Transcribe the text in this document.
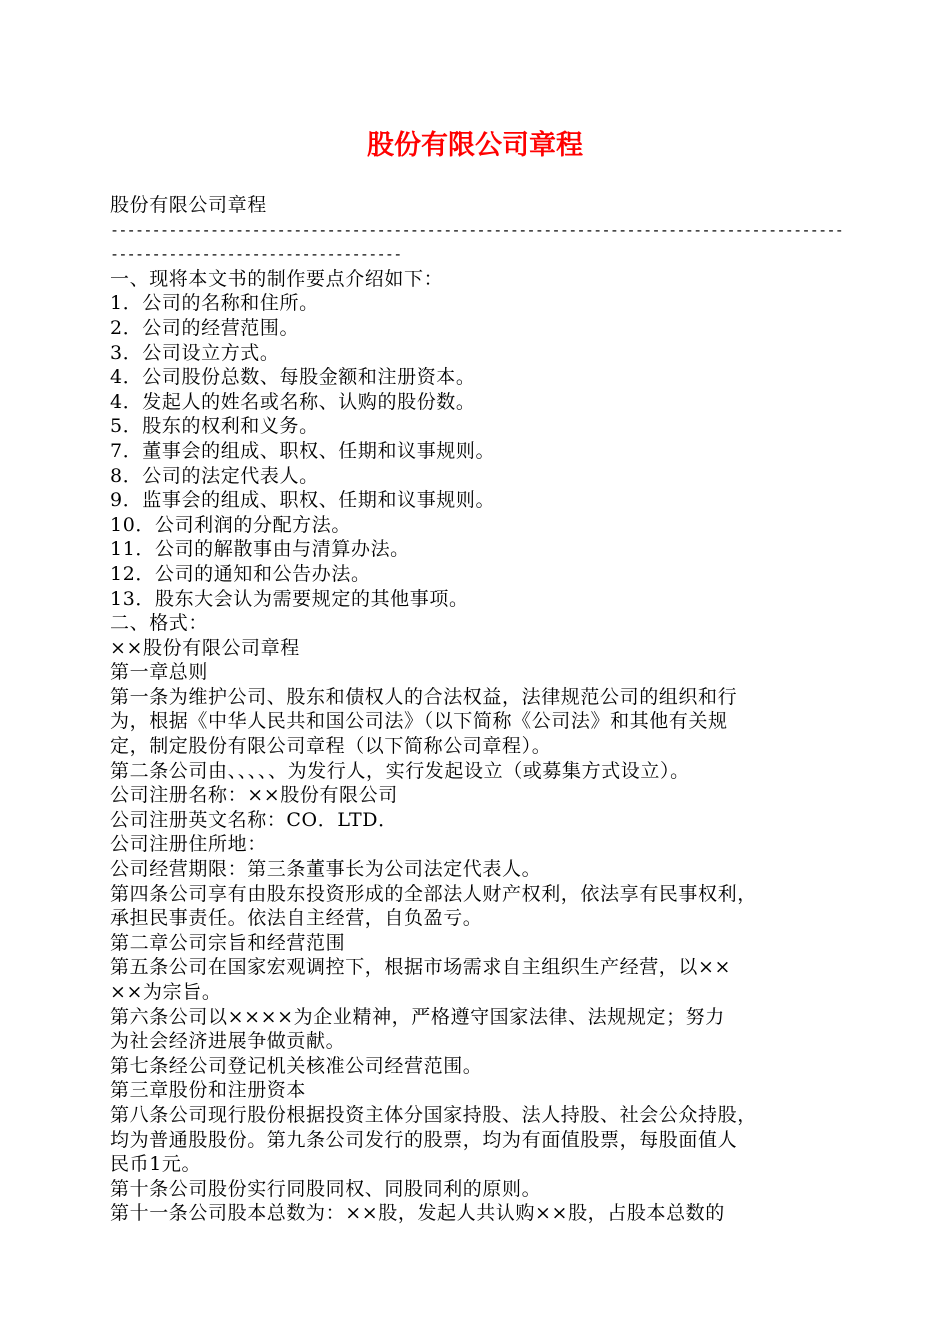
股份有限公司章程
股份有限公司章程
----------------------------------------------------------------------------------------
-----------------------------------
一、现将本文书的制作要点介绍如下：
1．公司的名称和住所。
2．公司的经营范围。
3．公司设立方式。
4．公司股份总数、每股金额和注册资本。
4．发起人的姓名或名称、认购的股份数。
5．股东的权利和义务。
7．董事会的组成、职权、任期和议事规则。
8．公司的法定代表人。
9．监事会的组成、职权、任期和议事规则。
10．公司利润的分配方法。
11．公司的解散事由与清算办法。
12．公司的通知和公告办法。
13．股东大会认为需要规定的其他事项。
二、格式：
××股份有限公司章程
第一章总则
第一条为维护公司、股东和债权人的合法权益，法律规范公司的组织和行
为，根据《中华人民共和国公司法》（以下简称《公司法》和其他有关规
定，制定股份有限公司章程（以下简称公司章程）。
第二条公司由、、、、、为发行人，实行发起设立（或募集方式设立）。
公司注册名称：××股份有限公司
公司注册英文名称：CO．LTD．
公司注册住所地：
公司经营期限：第三条董事长为公司法定代表人。
第四条公司享有由股东投资形成的全部法人财产权利，依法享有民事权利，
承担民事责任。依法自主经营，自负盈亏。
第二章公司宗旨和经营范围
第五条公司在国家宏观调控下，根据市场需求自主组织生产经营，以××
××为宗旨。
第六条公司以××××为企业精神，严格遵守国家法律、法规规定；努力
为社会经济进展争做贡献。
第七条经公司登记机关核准公司经营范围。
第三章股份和注册资本
第八条公司现行股份根据投资主体分国家持股、法人持股、社会公众持股，
均为普通股股份。第九条公司发行的股票，均为有面值股票，每股面值人
民币1元。
第十条公司股份实行同股同权、同股同利的原则。
第十一条公司股本总数为：××股，发起人共认购××股，占股本总数的
